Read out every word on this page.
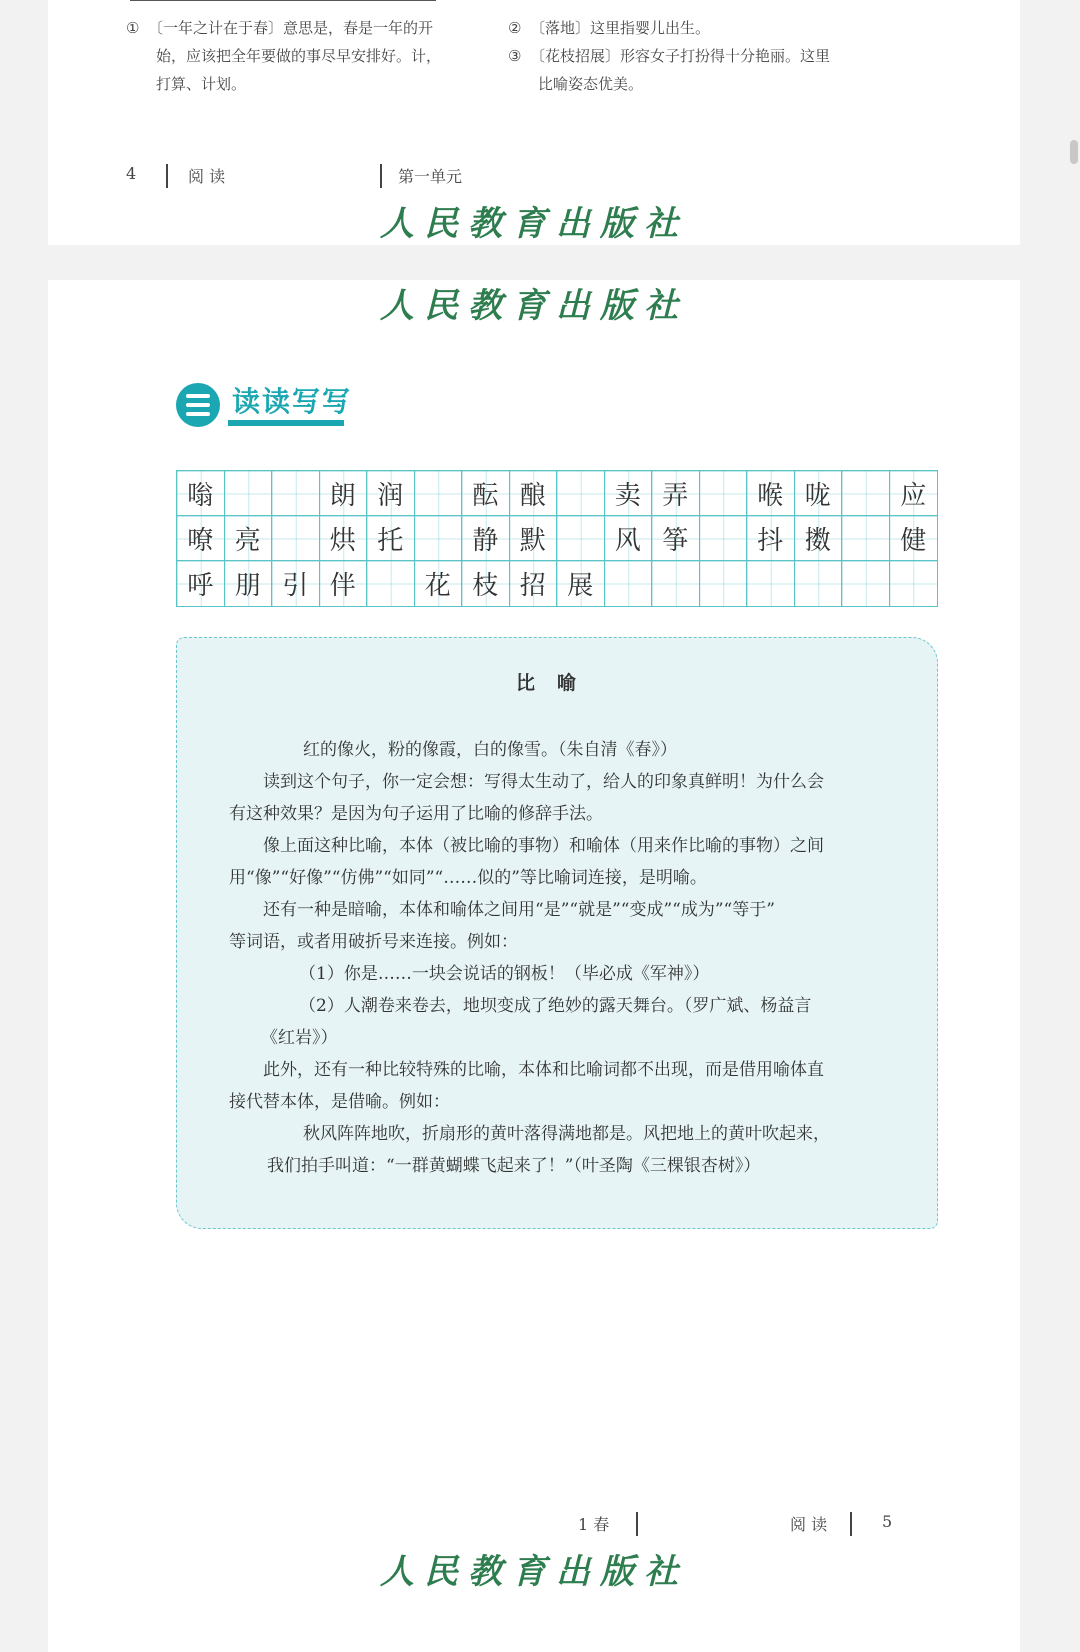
① 〔一年之计在于春〕意思是，春是一年的开
始，应该把全年要做的事尽早安排好。计，
打算、计划。
② 〔落地〕这里指婴儿出生。
③ 〔花枝招展〕形容女子打扮得十分艳丽。这里
比喻姿态优美。
4	阅 读	第一单元
人民教育出版社
人民教育出版社
读读写写
嗡	朗 润	酝 酿	卖 弄	喉 咙	应
嘹 亮	烘 托	静 默	风 筝	抖 擞	健
呼 朋 引 伴	花 枝 招 展
比喻
红的像火，粉的像霞，白的像雪。（朱自清《春》）
读到这个句子，你一定会想：写得太生动了，给人的印象真鲜明！为什么会
有这种效果？是因为句子运用了比喻的修辞手法。
像上面这种比喻，本体（被比喻的事物）和喻体（用来作比喻的事物）之间
用“像”“好像”“仿佛”“如同”“……似的”等比喻词连接，是明喻。
还有一种是暗喻，本体和喻体之间用“是”“就是”“变成”“成为”“等于”
等词语，或者用破折号来连接。例如：
（1）你是……一块会说话的钢板！（毕必成《军神》）
（2）人潮卷来卷去，地坝变成了绝妙的露天舞台。（罗广斌、杨益言
《红岩》）
此外，还有一种比较特殊的比喻，本体和比喻词都不出现，而是借用喻体直
接代替本体，是借喻。例如：
秋风阵阵地吹，折扇形的黄叶落得满地都是。风把地上的黄叶吹起来，
我们拍手叫道：“一群黄蝴蝶飞起来了！”（叶圣陶《三棵银杏树》）
1 春	阅 读	5
人民教育出版社
